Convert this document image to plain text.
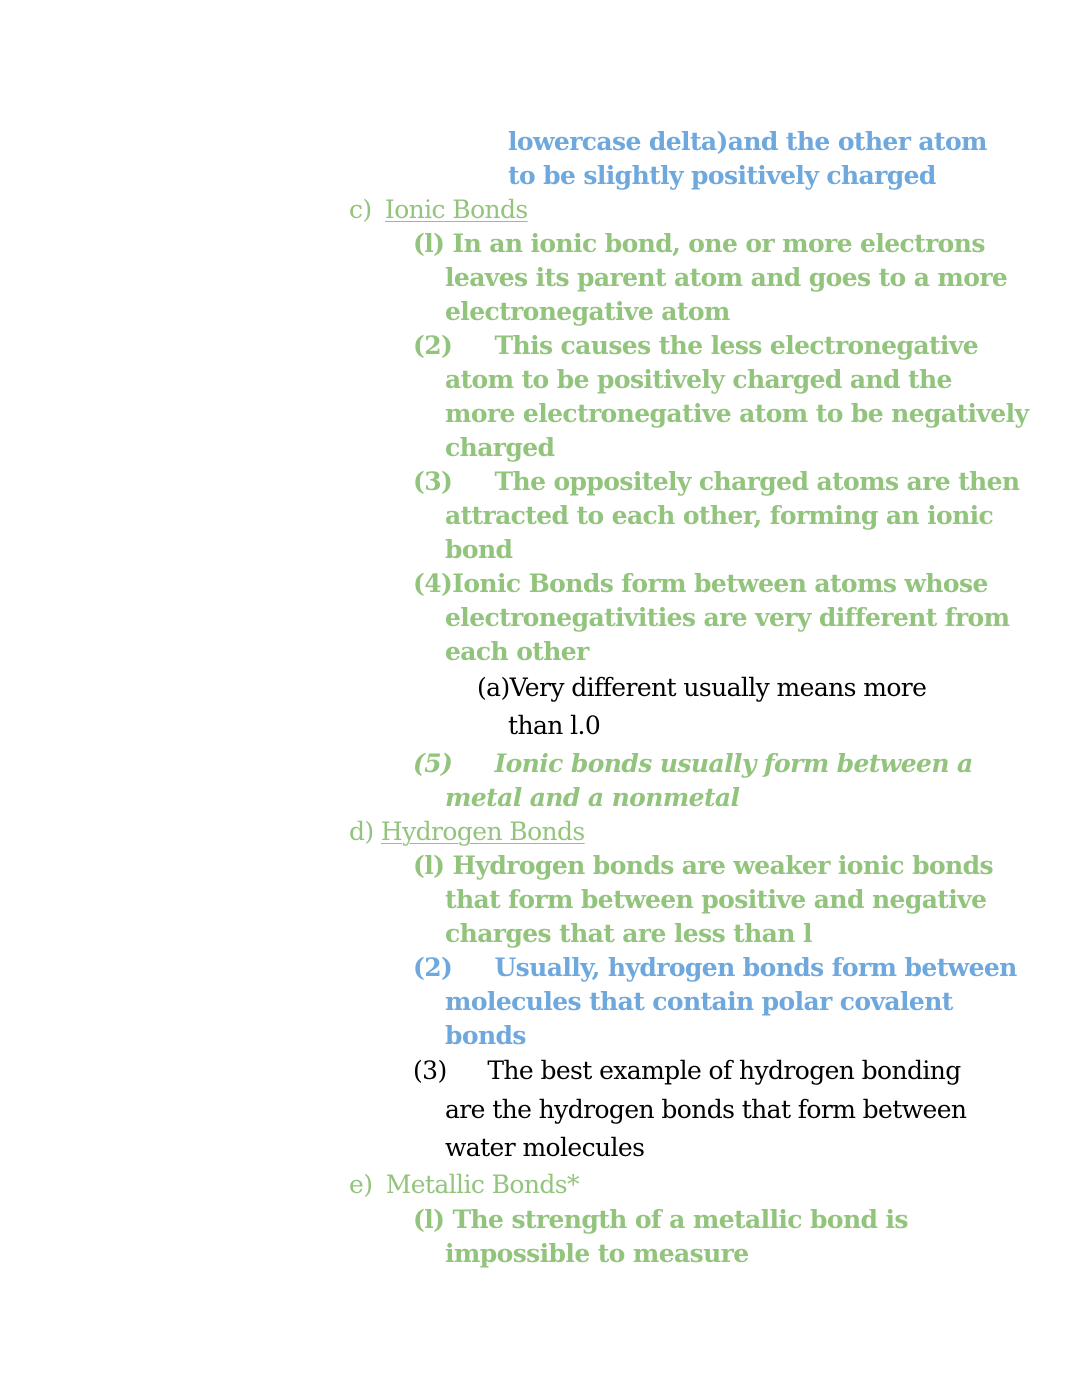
lowercase delta)and the other atom
to be slightly positively charged
c) Ionic Bonds
(l) In an ionic bond, one or more electrons
leaves its parent atom and goes to a more
electronegative atom
(2) This causes the less electronegative
atom to be positively charged and the
more electronegative atom to be negatively
charged
(3) The oppositely charged atoms are then
attracted to each other, forming an ionic
bond
(4)Ionic Bonds form between atoms whose
electronegativities are very different from
each other
(a)Very different usually means more
than l.0
(5) Ionic bonds usually form between a
metal and a nonmetal
d) Hydrogen Bonds
(l) Hydrogen bonds are weaker ionic bonds
that form between positive and negative
charges that are less than l
(2) Usually, hydrogen bonds form between
molecules that contain polar covalent
bonds
(3) The best example of hydrogen bonding
are the hydrogen bonds that form between
water molecules
e) Metallic Bonds*
(l) The strength of a metallic bond is
impossible to measure
